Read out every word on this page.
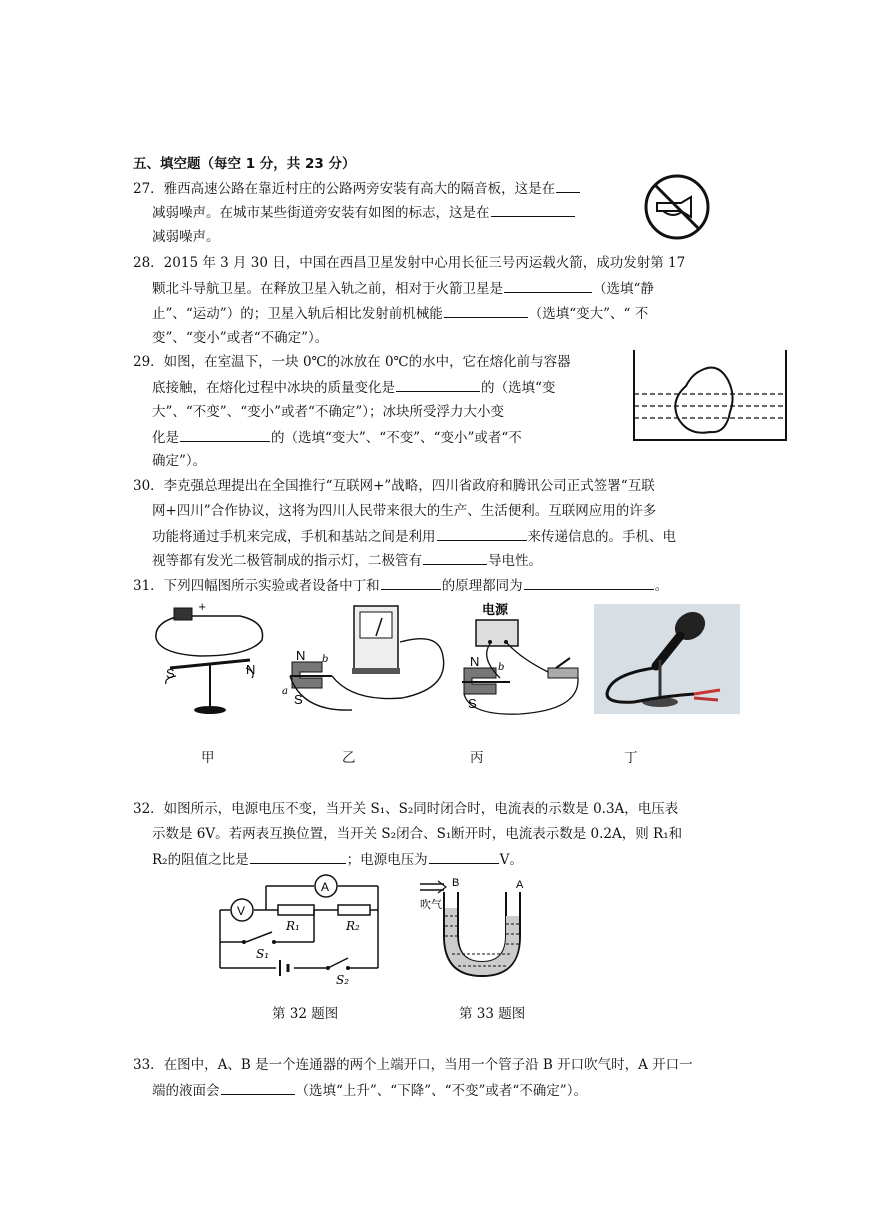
五、填空题（每空 1 分，共 23 分）
27．雅西高速公路在靠近村庄的公路两旁安装有高大的隔音板，这是在
减弱噪声。在城市某些街道旁安装有如图的标志，这是在
减弱噪声。
28．2015 年 3 月 30 日，中国在西昌卫星发射中心用长征三号丙运载火箭，成功发射第 17
颗北斗导航卫星。在释放卫星入轨之前，相对于火箭卫星是	（选填“静
止”、“运动”）的；卫星入轨后相比发射前机械能	（选填“变大”、“ 不
变”、“变小”或者“不确定”）。
29．如图，在室温下，一块 0℃的冰放在 0℃的水中，它在熔化前与容器
底接触，在熔化过程中冰块的质量变化是	的（选填“变
大”、“不变”、“变小”或者“不确定”）；冰块所受浮力大小变
化是	的（选填“变大”、“不变”、“变小”或者“不
确定”）。
30．李克强总理提出在全国推行“互联网+”战略，四川省政府和腾讯公司正式签署“互联
网+四川”合作协议，这将为四川人民带来很大的生产、生活便利。互联网应用的许多
功能将通过手机来完成，手机和基站之间是利用	来传递信息的。手机、电
视等都有发光二极管制成的指示灯，二极管有	导电性。
31．下列四幅图所示实验或者设备中丁和	的原理都同为	。
+
S	N
N
S
b
a
电源
N
S
b
甲	乙	丙	丁
32．如图所示，电源电压不变，当开关 S₁、S₂同时闭合时，电流表的示数是 0.3A，电压表
示数是 6V。若两表互换位置，当开关 S₂闭合、S₁断开时，电流表示数是 0.2A，则 R₁和
R₂的阻值之比是	；电源电压为	V。
V
A
R₁	R₂
S₁
S₂
B	A
吹气
第 32 题图	第 33 题图
33．在图中，A、B 是一个连通器的两个上端开口，当用一个管子沿 B 开口吹气时，A 开口一
端的液面会	（选填“上升”、“下降”、“不变”或者“不确定”）。
